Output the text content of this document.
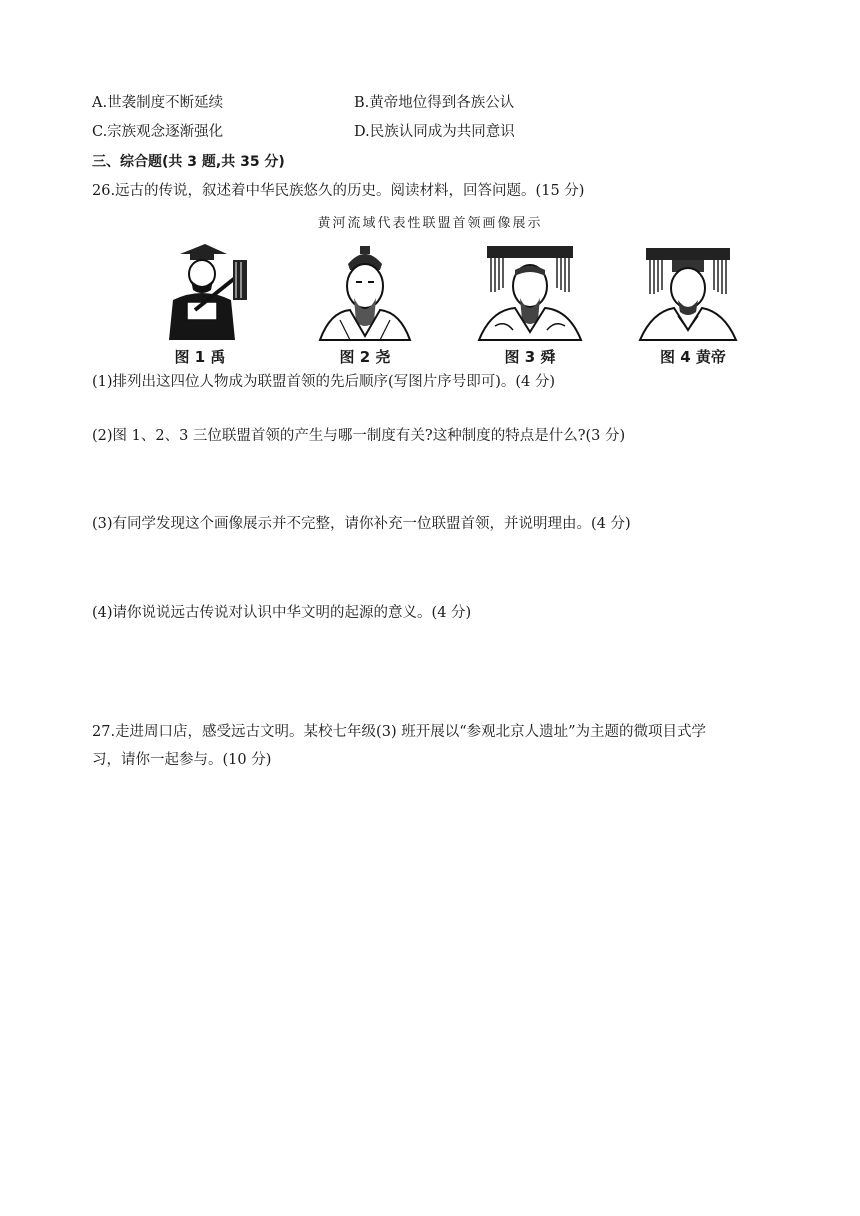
A.世袭制度不断延续	B.黄帝地位得到各族公认
C.宗族观念逐渐强化	D.民族认同成为共同意识
三、综合题(共 3 题,共 35 分)
26.远古的传说，叙述着中华民族悠久的历史。阅读材料，回答问题。(15 分)
黄河流域代表性联盟首领画像展示
图 1 禹	图 2 尧	图 3 舜	图 4 黄帝
(1)排列出这四位人物成为联盟首领的先后顺序(写图片序号即可)。(4 分)
(2)图 1、2、3 三位联盟首领的产生与哪一制度有关?这种制度的特点是什么?(3 分)
(3)有同学发现这个画像展示并不完整，请你补充一位联盟首领，并说明理由。(4 分)
(4)请你说说远古传说对认识中华文明的起源的意义。(4 分)
27.走进周口店，感受远古文明。某校七年级(3) 班开展以“参观北京人遗址”为主题的微项目式学
习，请你一起参与。(10 分)
